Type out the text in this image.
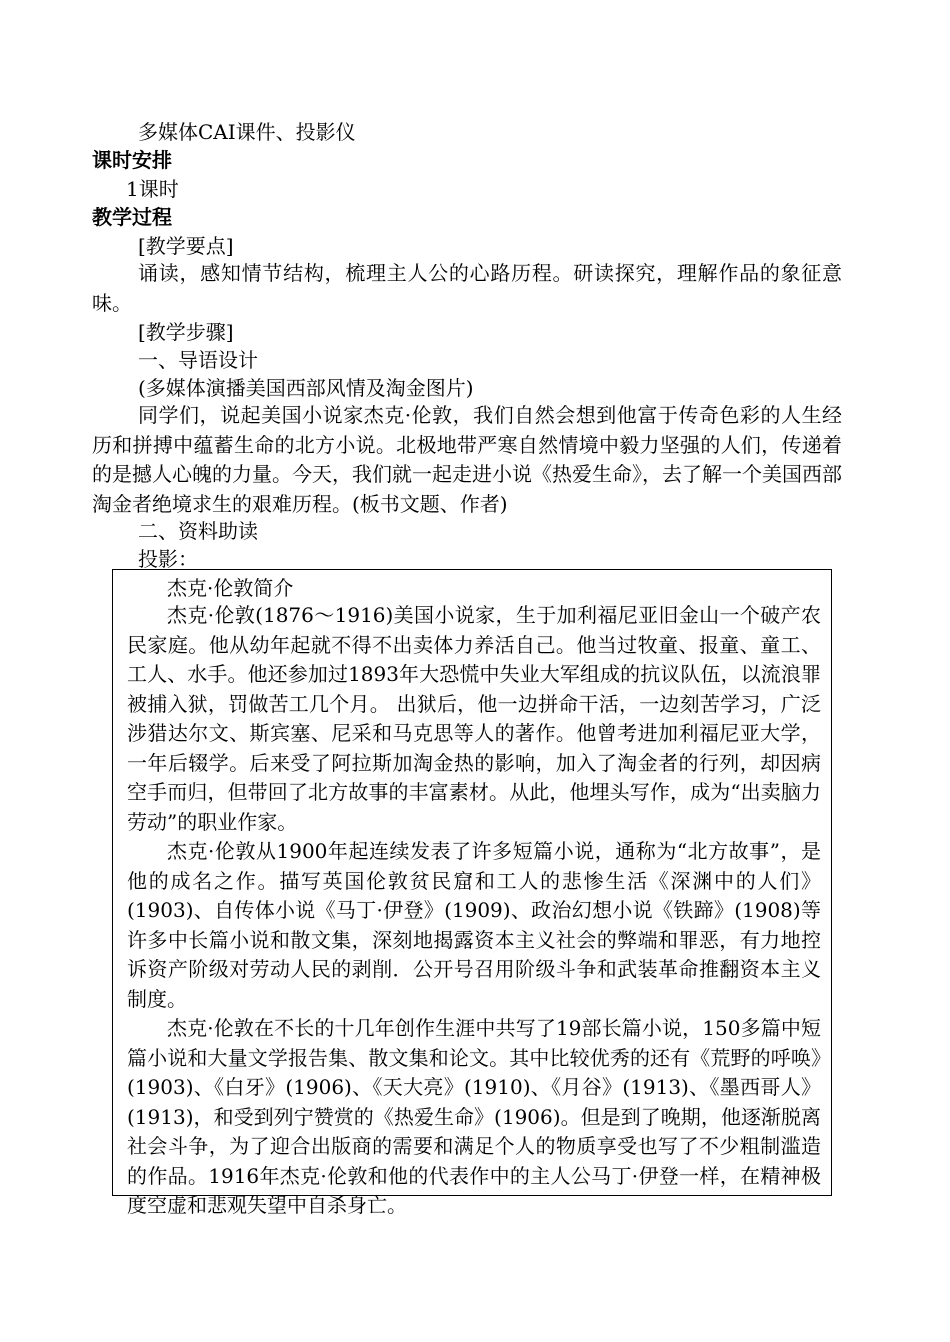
多媒体CAI课件、投影仪
课时安排
1课时
教学过程
[教学要点]
诵读，感知情节结构，梳理主人公的心路历程。研读探究，理解作品的象征意味。
[教学步骤]
一、导语设计
(多媒体演播美国西部风情及淘金图片)
同学们，说起美国小说家杰克·伦敦，我们自然会想到他富于传奇色彩的人生经历和拼搏中蕴蓄生命的北方小说。北极地带严寒自然情境中毅力坚强的人们，传递着的是撼人心魄的力量。今天，我们就一起走进小说《热爱生命》，去了解一个美国西部淘金者绝境求生的艰难历程。(板书文题、作者)
二、资料助读
投影：
杰克·伦敦简介
杰克·伦敦(1876～1916)美国小说家，生于加利福尼亚旧金山一个破产农民家庭。他从幼年起就不得不出卖体力养活自己。他当过牧童、报童、童工、工人、水手。他还参加过1893年大恐慌中失业大军组成的抗议队伍，以流浪罪被捕入狱，罚做苦工几个月。 出狱后，他一边拼命干活，一边刻苦学习，广泛涉猎达尔文、斯宾塞、尼采和马克思等人的著作。他曾考进加利福尼亚大学，一年后辍学。后来受了阿拉斯加淘金热的影响，加入了淘金者的行列，却因病空手而归，但带回了北方故事的丰富素材。从此，他埋头写作，成为“出卖脑力劳动”的职业作家。
杰克·伦敦从1900年起连续发表了许多短篇小说，通称为“北方故事”，是他的成名之作。描写英国伦敦贫民窟和工人的悲惨生活《深渊中的人们》(1903)、自传体小说《马丁·伊登》(1909)、政治幻想小说《铁蹄》(1908)等许多中长篇小说和散文集，深刻地揭露资本主义社会的弊端和罪恶，有力地控诉资产阶级对劳动人民的剥削．公开号召用阶级斗争和武装革命推翻资本主义制度。
杰克·伦敦在不长的十几年创作生涯中共写了19部长篇小说，150多篇中短篇小说和大量文学报告集、散文集和论文。其中比较优秀的还有《荒野的呼唤》(1903)、《白牙》(1906)、《天大亮》(1910)、《月谷》(1913)、《墨西哥人》(1913)，和受到列宁赞赏的《热爱生命》(1906)。但是到了晚期，他逐渐脱离社会斗争，为了迎合出版商的需要和满足个人的物质享受也写了不少粗制滥造的作品。1916年杰克·伦敦和他的代表作中的主人公马丁·伊登一样，在精神极度空虚和悲观失望中自杀身亡。
